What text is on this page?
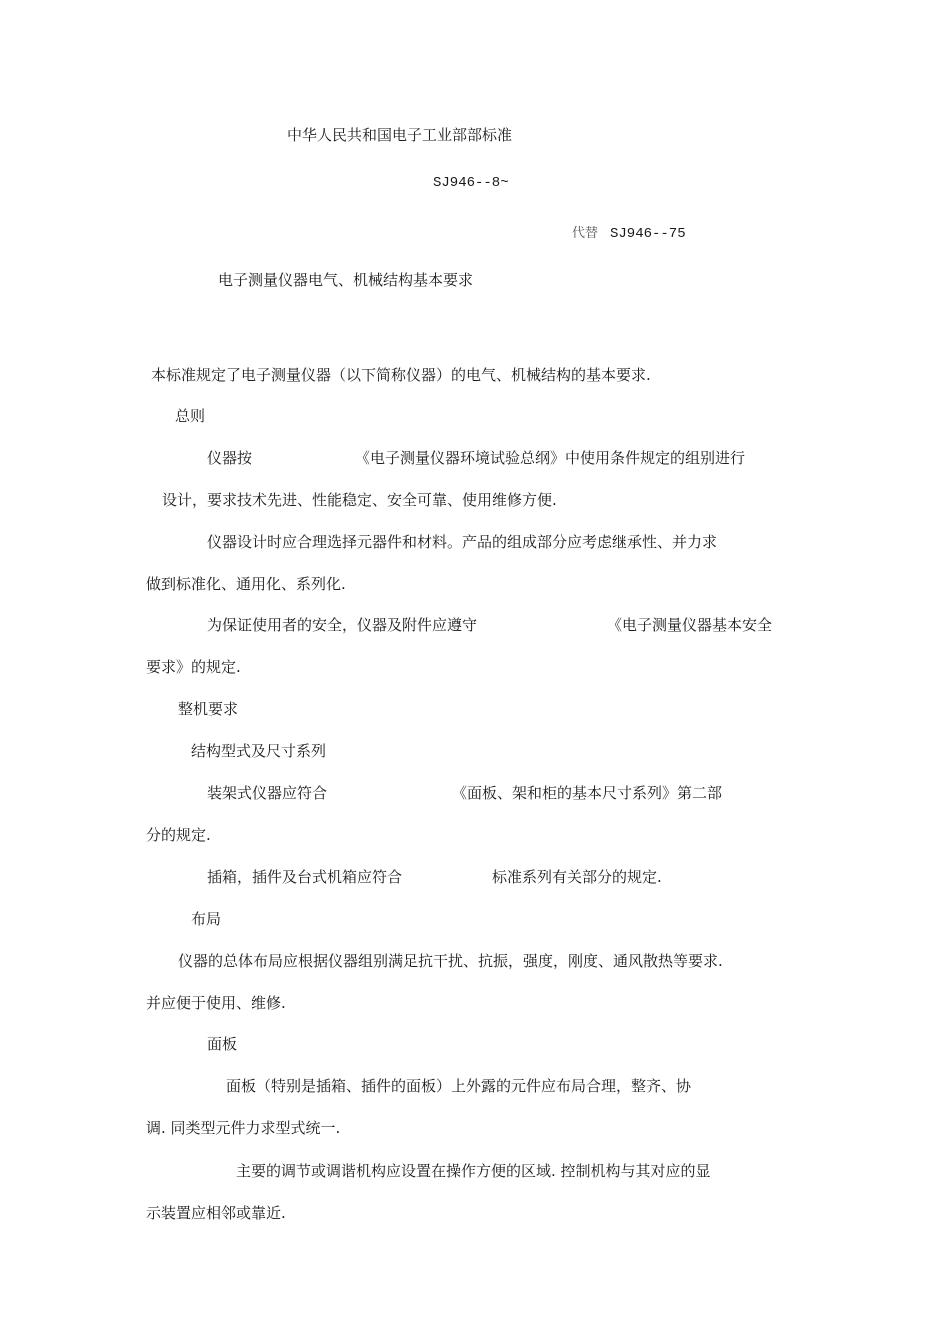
中华人民共和国电子工业部部标准
SJ946--8~
代替 SJ946--75
电子测量仪器电气、机械结构基本要求
本标准规定了电子测量仪器（以下简称仪器）的电气、机械结构的基本要求.
总则
仪器按	《电子测量仪器环境试验总纲》中使用条件规定的组别进行
设计，要求技术先进、性能稳定、安全可靠、使用维修方便.
仪器设计时应合理选择元器件和材料。产品的组成部分应考虑继承性、并力求
做到标准化、通用化、系列化.
为保证使用者的安全，仪器及附件应遵守	《电子测量仪器基本安全
要求》的规定.
整机要求
结构型式及尺寸系列
装架式仪器应符合	《面板、架和柜的基本尺寸系列》第二部
分的规定.
插箱，插件及台式机箱应符合	标准系列有关部分的规定.
布局
仪器的总体布局应根据仪器组别满足抗干扰、抗振，强度，刚度、通风散热等要求.
并应便于使用、维修.
面板
面板（特别是插箱、插件的面板）上外露的元件应布局合理，整齐、协
调. 同类型元件力求型式统一.
主要的调节或调谐机构应设置在操作方便的区域. 控制机构与其对应的显
示装置应相邻或靠近.
